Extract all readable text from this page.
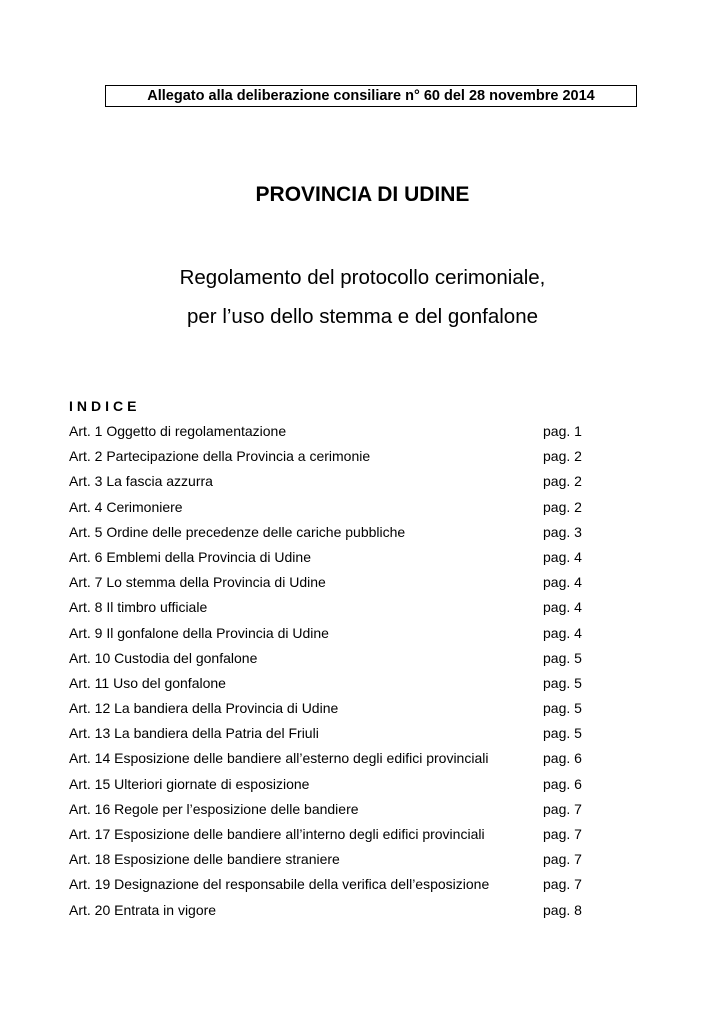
Allegato alla deliberazione consiliare n° 60 del 28 novembre 2014
PROVINCIA DI UDINE
Regolamento del protocollo cerimoniale,
per l’uso dello stemma e del gonfalone
INDICE
Art. 1 Oggetto di regolamentazione	pag. 1
Art. 2 Partecipazione della Provincia a cerimonie	pag. 2
Art. 3 La fascia azzurra	pag. 2
Art. 4 Cerimoniere	pag. 2
Art. 5 Ordine delle precedenze delle cariche pubbliche	pag. 3
Art. 6 Emblemi della Provincia di Udine	pag. 4
Art. 7 Lo stemma della Provincia di Udine	pag. 4
Art. 8 Il timbro ufficiale	pag. 4
Art. 9 Il gonfalone della Provincia di Udine	pag. 4
Art. 10 Custodia del gonfalone	pag. 5
Art. 11 Uso del gonfalone	pag. 5
Art. 12 La bandiera della Provincia di Udine	pag. 5
Art. 13 La bandiera della Patria del Friuli	pag. 5
Art. 14 Esposizione delle bandiere all’esterno degli edifici provinciali	pag. 6
Art. 15 Ulteriori giornate di esposizione	pag. 6
Art. 16 Regole per l’esposizione delle bandiere	pag. 7
Art. 17 Esposizione delle bandiere all’interno degli edifici provinciali	pag. 7
Art. 18 Esposizione delle bandiere straniere	pag. 7
Art. 19 Designazione del responsabile della verifica dell’esposizione	pag. 7
Art. 20 Entrata in vigore	pag. 8
